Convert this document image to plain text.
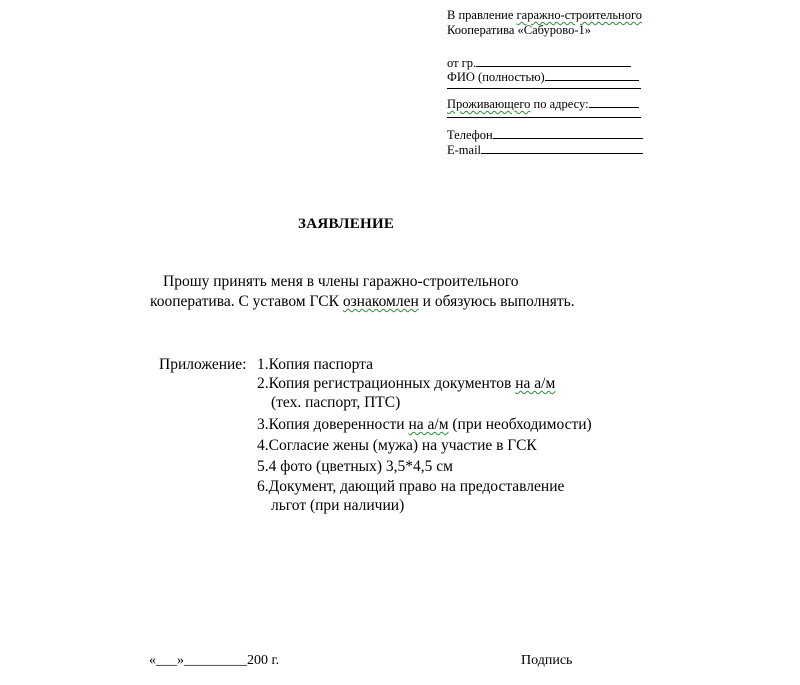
В правление гаражно-строительного
Кооператива «Сабурово-1»
от гр.
ФИО (полностью)
Проживающего по адресу:
Телефон
E-mail
ЗАЯВЛЕНИЕ
Прошу принять меня в члены гаражно-строительного
кооператива. С уставом ГСК ознакомлен и обязуюсь выполнять.
Приложение: 1.Копия паспорта
2.Копия регистрационных документов на а/м
(тех. паспорт, ПТС)
3.Копия доверенности на а/м (при необходимости)
4.Согласие жены (мужа) на участие в ГСК
5.4 фото (цветных) 3,5*4,5 см
6.Документ, дающий право на предоставление
льгот (при наличии)
«___»_________200 г.	Подпись
